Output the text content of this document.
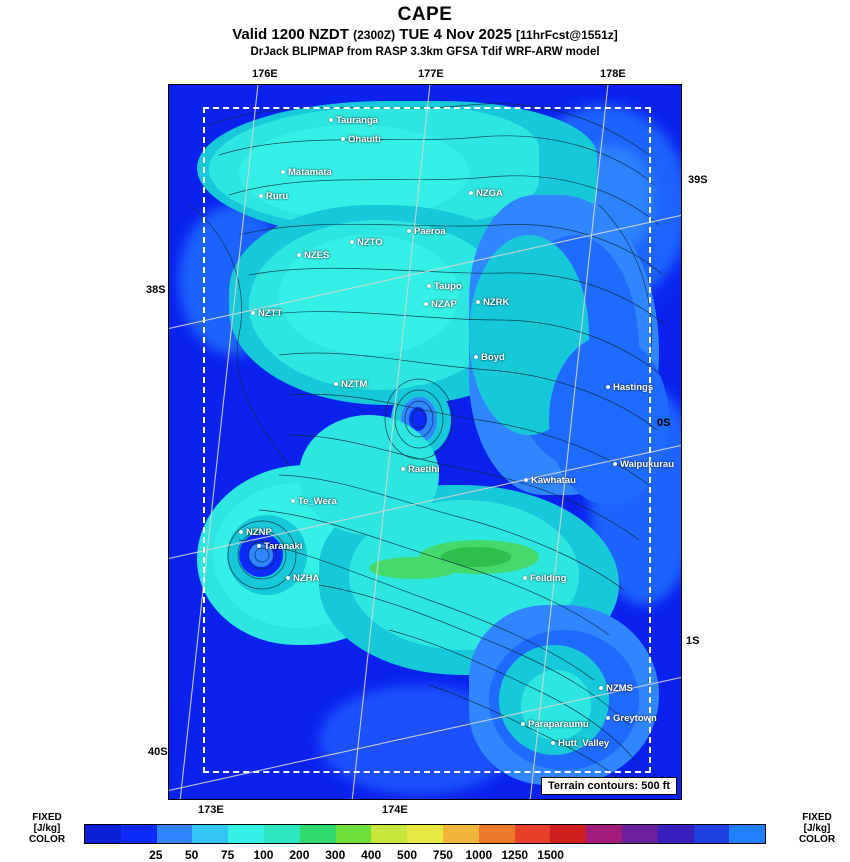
CAPE
Valid 1200 NZDT (2300Z) TUE 4 Nov 2025 [11hrFcst@1551z]
DrJack BLIPMAP from RASP 3.3km GFSA Tdif WRF-ARW model
176E	177E	178E
173E	174E
38S
40S
39S
1S
0S
Tauranga
Ohauiti
Matamata
Ruru	NZGA
Paeroa
NZTO
NZES
Taupo
NZAP	NZRK
NZTT
Boyd
NZTM	Hastings
Waipukurau
Raetihi
Kawhatau
Te_Wera
NZNP
Taranaki
Feilding
NZHA
NZMS
Paraparaumu
Greytown
Hutt_Valley
Terrain contours: 500 ft
FIXED
[J/kg]
COLOR
FIXED
[J/kg]
COLOR
25 50 75 100 200 300 400 500 750 1000 1250 1500
